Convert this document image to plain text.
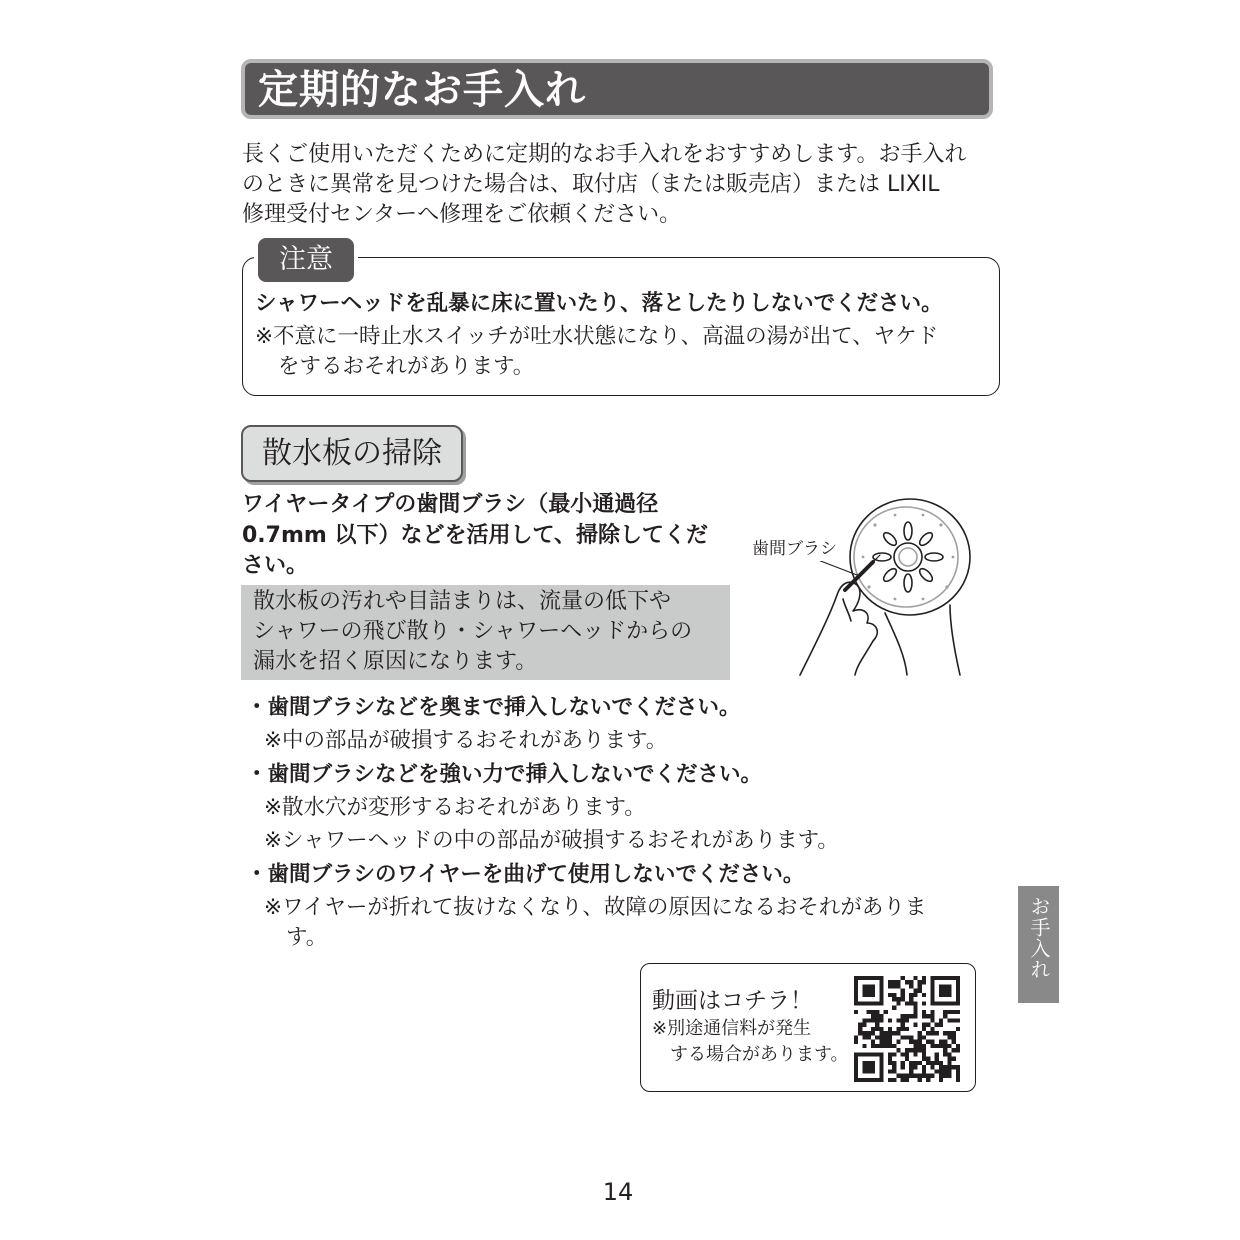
定期的なお手入れ
長くご使用いただくために定期的なお手入れをおすすめします。お手入れ
のときに異常を見つけた場合は、取付店（または販売店）または LIXIL
修理受付センターへ修理をご依頼ください。
注意
シャワーヘッドを乱暴に床に置いたり、落としたりしないでください。
※不意に一時止水スイッチが吐水状態になり、高温の湯が出て、ヤケド
をするおそれがあります。
散水板の掃除
ワイヤータイプの歯間ブラシ（最小通過径
0.7mm 以下）などを活用して、掃除してくだ
さい。
散水板の汚れや目詰まりは、流量の低下や
シャワーの飛び散り・シャワーヘッドからの
漏水を招く原因になります。
歯間ブラシ
・歯間ブラシなどを奥まで挿入しないでください。
※中の部品が破損するおそれがあります。
・歯間ブラシなどを強い力で挿入しないでください。
※散水穴が変形するおそれがあります。
※シャワーヘッドの中の部品が破損するおそれがあります。
・歯間ブラシのワイヤーを曲げて使用しないでください。
※ワイヤーが折れて抜けなくなり、故障の原因になるおそれがありま
す。	お手入れ
動画はコチラ！
※別途通信料が発生
する場合があります。
14
